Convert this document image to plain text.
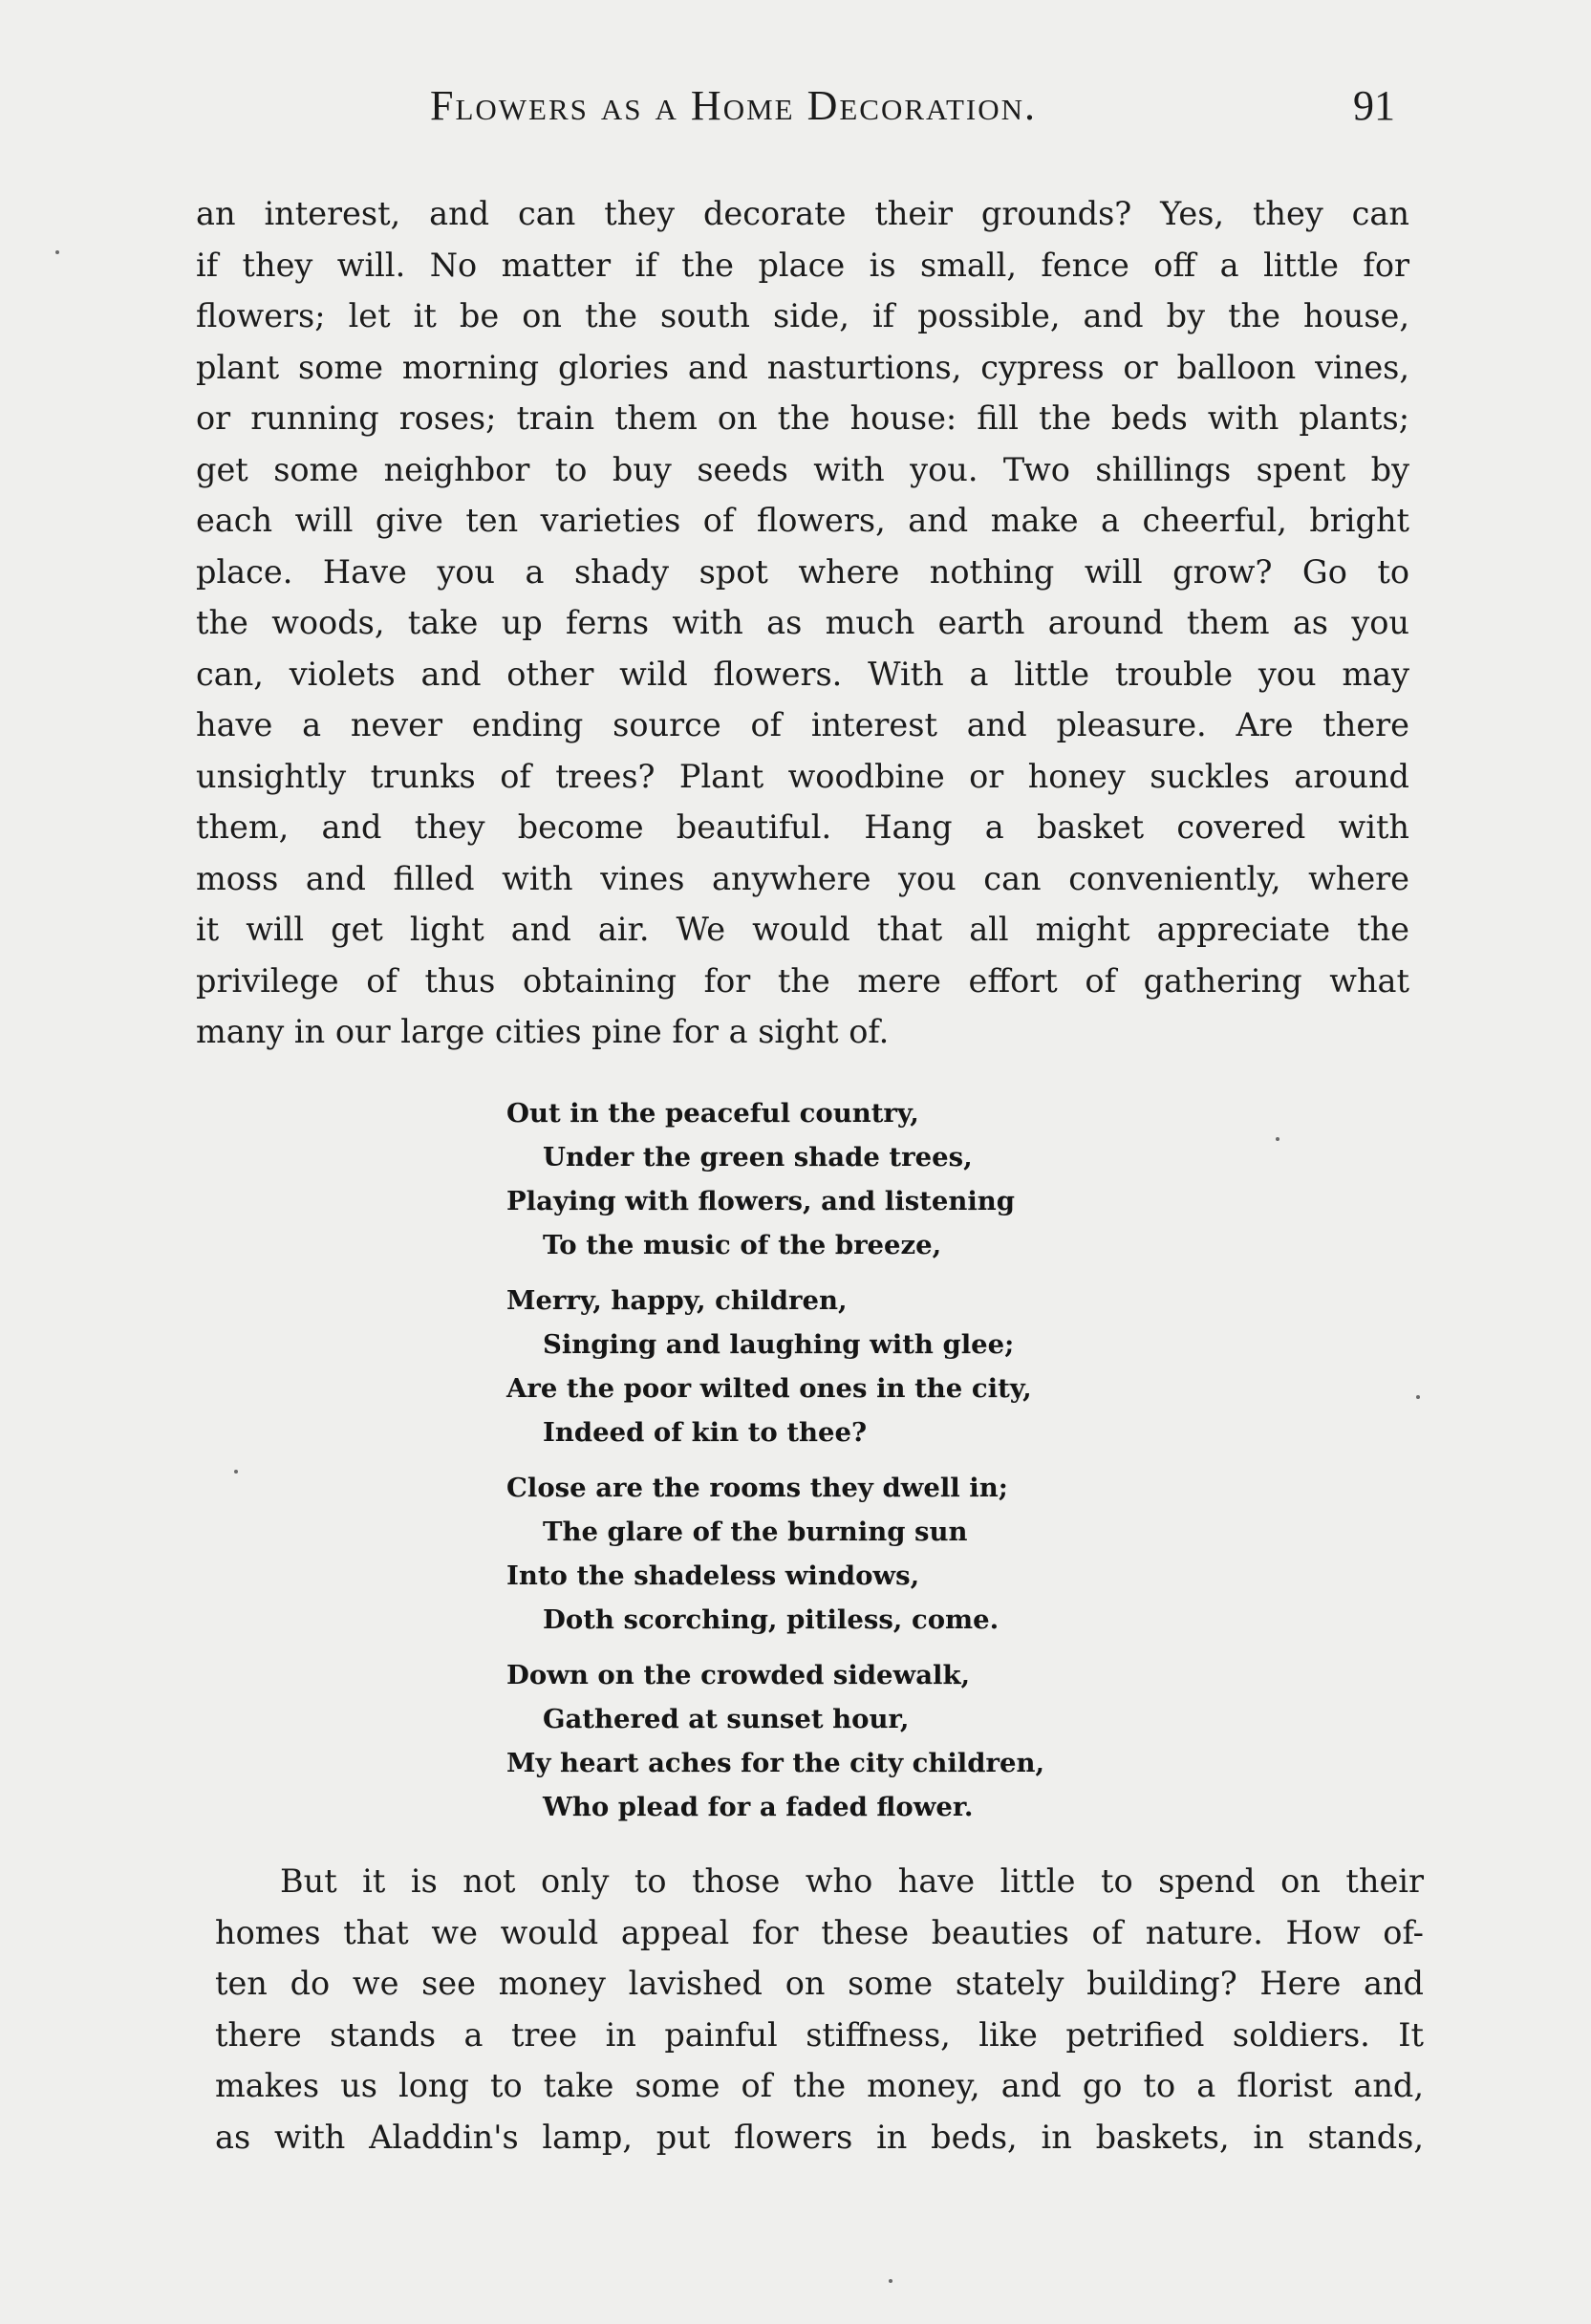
Flowers as a Home Decoration.	91
an interest, and can they decorate their grounds? Yes, they can
if they will. No matter if the place is small, fence off a little for
flowers; let it be on the south side, if possible, and by the house,
plant some morning glories and nasturtions, cypress or balloon vines,
or running roses; train them on the house: fill the beds with plants;
get some neighbor to buy seeds with you. Two shillings spent by
each will give ten varieties of flowers, and make a cheerful, bright
place. Have you a shady spot where nothing will grow? Go to
the woods, take up ferns with as much earth around them as you
can, violets and other wild flowers. With a little trouble you may
have a never ending source of interest and pleasure. Are there
unsightly trunks of trees? Plant woodbine or honey suckles around
them, and they become beautiful. Hang a basket covered with
moss and filled with vines anywhere you can conveniently, where
it will get light and air. We would that all might appreciate the
privilege of thus obtaining for the mere effort of gathering what
many in our large cities pine for a sight of.
Out in the peaceful country,
Under the green shade trees,
Playing with flowers, and listening
To the music of the breeze,
Merry, happy, children,
Singing and laughing with glee;
Are the poor wilted ones in the city,
Indeed of kin to thee?
Close are the rooms they dwell in;
The glare of the burning sun
Into the shadeless windows,
Doth scorching, pitiless, come.
Down on the crowded sidewalk,
Gathered at sunset hour,
My heart aches for the city children,
Who plead for a faded flower.
But it is not only to those who have little to spend on their
homes that we would appeal for these beauties of nature. How of-
ten do we see money lavished on some stately building? Here and
there stands a tree in painful stiffness, like petrified soldiers. It
makes us long to take some of the money, and go to a florist and,
as with Aladdin's lamp, put flowers in beds, in baskets, in stands,
